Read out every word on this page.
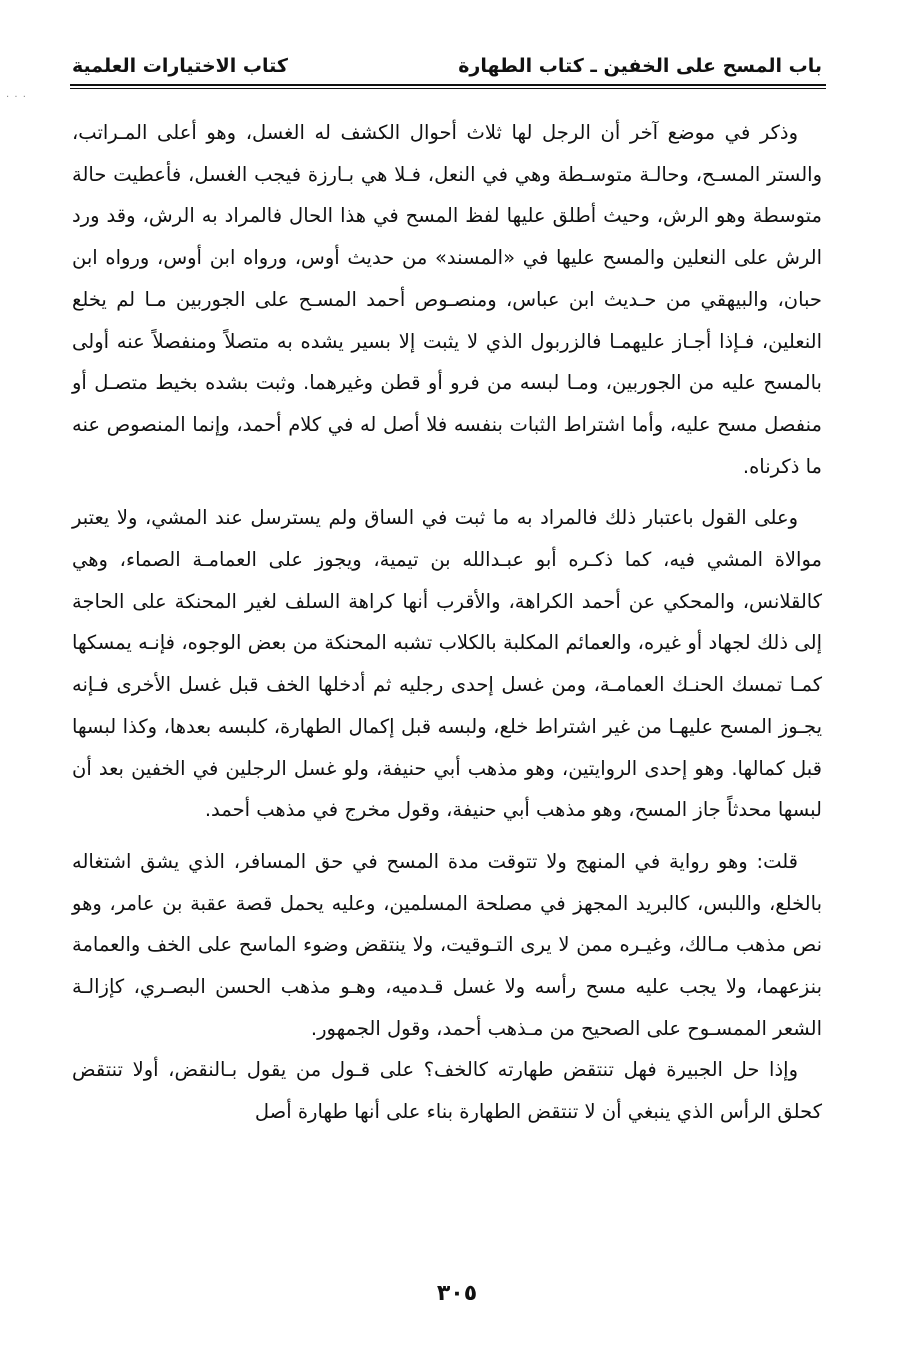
باب المسح على الخفين ـ كتاب الطهارة
كتاب الاختيارات العلمية
· · ·

وذكر في موضع آخر أن الرجل لها ثلاث أحوال الكشف له الغسل، وهو أعلى المـراتب، والستر المسـح، وحالـة متوسـطة وهي في النعل، فـلا هي بـارزة فيجب الغسل، فأعطيت حالة متوسطة وهو الرش، وحيث أطلق عليها لفظ المسح في هذا الحال فالمراد به الرش، وقد ورد الرش على النعلين والمسح عليها في «المسند» من حديث أوس، ورواه ابن أوس، ورواه ابن حبان، والبيهقي من حـديث ابن عباس، ومنصـوص أحمد المسـح على الجوربين مـا لم يخلع النعلين، فـإذا أجـاز عليهمـا فالزربول الذي لا يثبت إلا بسير يشده به متصلاً ومنفصلاً عنه أولى بالمسح عليه من الجوربين، ومـا لبسه من فرو أو قطن وغيرهما. وثبت بشده بخيط متصـل أو منفصل مسح عليه، وأما اشتراط الثبات بنفسه فلا أصل له في كلام أحمد، وإنما المنصوص عنه ما ذكرناه.

وعلى القول باعتبار ذلك فالمراد به ما ثبت في الساق ولم يسترسل عند المشي، ولا يعتبر موالاة المشي فيه، كما ذكـره أبو عبـدالله بن تيمية، ويجوز على العمامـة الصماء، وهي كالقلانس، والمحكي عن أحمد الكراهة، والأقرب أنها كراهة السلف لغير المحنكة على الحاجة إلى ذلك لجهاد أو غيره، والعمائم المكلبة بالكلاب تشبه المحنكة من بعض الوجوه، فإنـه يمسكها كمـا تمسك الحنـك العمامـة، ومن غسل إحدى رجليه ثم أدخلها الخف قبل غسل الأخرى فـإنه يجـوز المسح عليهـا من غير اشتراط خلع، ولبسه قبل إكمال الطهارة، كلبسه بعدها، وكذا لبسها قبل كمالها. وهو إحدى الروايتين، وهو مذهب أبي حنيفة، ولو غسل الرجلين في الخفين بعد أن لبسها محدثاً جاز المسح، وهو مذهب أبي حنيفة، وقول مخرج في مذهب أحمد.

قلت: وهو رواية في المنهج ولا تتوقت مدة المسح في حق المسافر، الذي يشق اشتغاله بالخلع، واللبس، كالبريد المجهز في مصلحة المسلمين، وعليه يحمل قصة عقبة بن عامر، وهو نص مذهب مـالك، وغيـره ممن لا يرى التـوقيت، ولا ينتقض وضوء الماسح على الخف والعمامة بنزعهما، ولا يجب عليه مسح رأسه ولا غسل قـدميه، وهـو مذهب الحسن البصـري، كإزالـة الشعر الممسـوح على الصحيح من مـذهب أحمد، وقول الجمهور.

وإذا حل الجبيرة فهل تنتقض طهارته كالخف؟ على قـول من يقول بـالنقض، أولا تنتقض كحلق الرأس الذي ينبغي أن لا تنتقض الطهارة بناء على أنها طهارة أصل

٣٠٥
